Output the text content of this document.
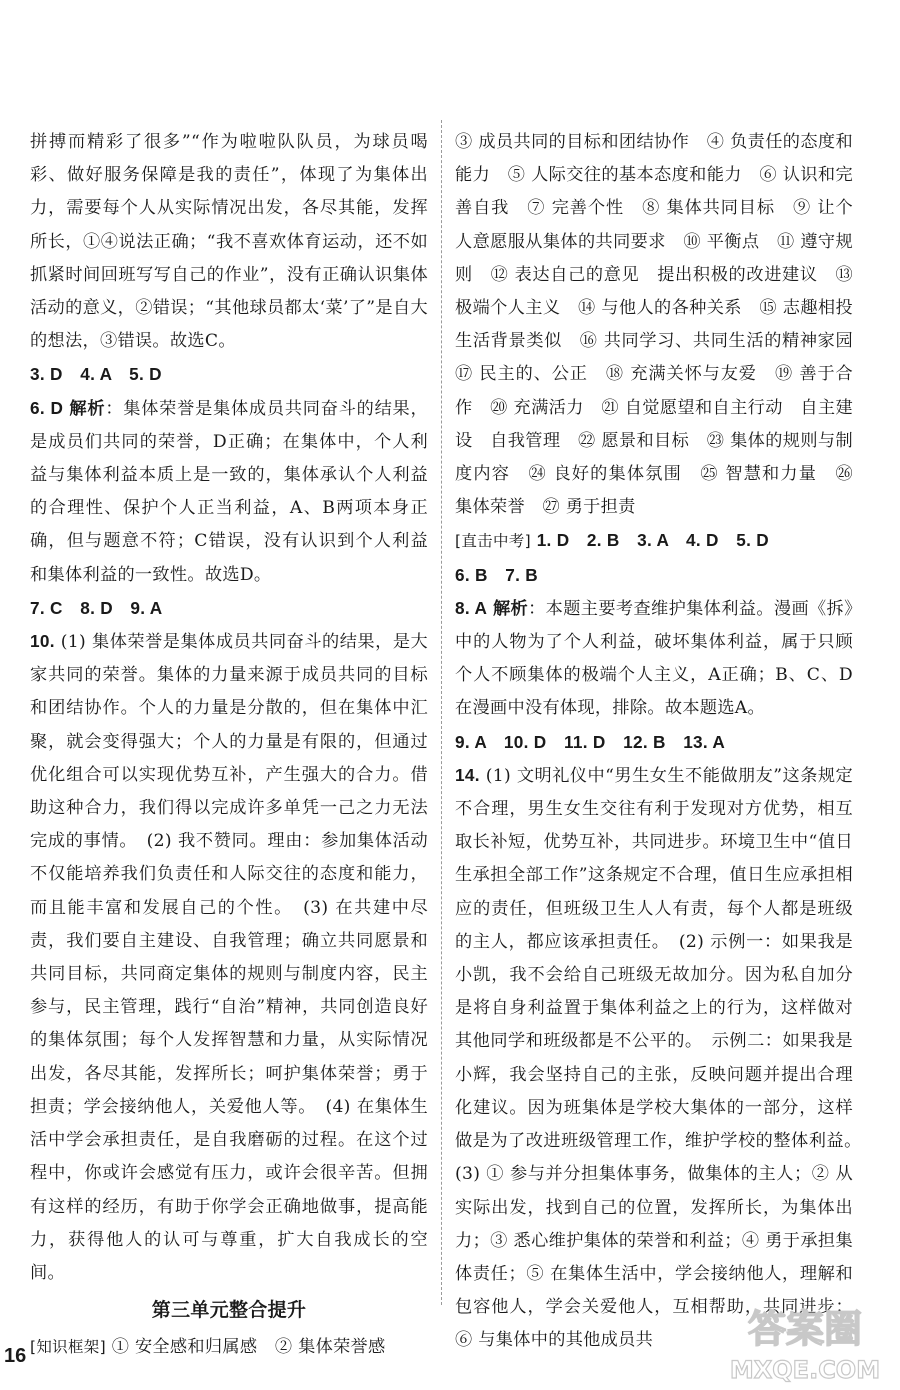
拼搏而精彩了很多”“作为啦啦队队员，为球员喝彩、做好服务保障是我的责任”，体现了为集体出力，需要每个人从实际情况出发，各尽其能，发挥所长，①④说法正确；“我不喜欢体育运动，还不如抓紧时间回班写写自己的作业”，没有正确认识集体活动的意义，②错误；“其他球员都太‘菜’了”是自大的想法，③错误。故选C。

3. D　4. A　5. D

6. D 解析：集体荣誉是集体成员共同奋斗的结果，是成员们共同的荣誉，D正确；在集体中，个人利益与集体利益本质上是一致的，集体承认个人利益的合理性、保护个人正当利益，A、B两项本身正确，但与题意不符；C错误，没有认识到个人利益和集体利益的一致性。故选D。

7. C　8. D　9. A

10. (1) 集体荣誉是集体成员共同奋斗的结果，是大家共同的荣誉。集体的力量来源于成员共同的目标和团结协作。个人的力量是分散的，但在集体中汇聚，就会变得强大；个人的力量是有限的，但通过优化组合可以实现优势互补，产生强大的合力。借助这种合力，我们得以完成许多单凭一己之力无法完成的事情。　(2) 我不赞同。理由：参加集体活动不仅能培养我们负责任和人际交往的态度和能力，而且能丰富和发展自己的个性。　(3) 在共建中尽责，我们要自主建设、自我管理；确立共同愿景和共同目标，共同商定集体的规则与制度内容，民主参与，民主管理，践行“自治”精神，共同创造良好的集体氛围；每个人发挥智慧和力量，从实际情况出发，各尽其能，发挥所长；呵护集体荣誉；勇于担责；学会接纳他人，关爱他人等。　(4) 在集体生活中学会承担责任，是自我磨砺的过程。在这个过程中，你或许会感觉有压力，或许会很辛苦。但拥有这样的经历，有助于你学会正确地做事，提高能力，获得他人的认可与尊重，扩大自我成长的空间。

第三单元整合提升

[知识框架] ① 安全感和归属感　② 集体荣誉感

③ 成员共同的目标和团结协作　④ 负责任的态度和能力　⑤ 人际交往的基本态度和能力　⑥ 认识和完善自我　⑦ 完善个性　⑧ 集体共同目标　⑨ 让个人意愿服从集体的共同要求　⑩ 平衡点　⑪ 遵守规则　⑫ 表达自己的意见　提出积极的改进建议　⑬ 极端个人主义　⑭ 与他人的各种关系　⑮ 志趣相投　生活背景类似　⑯ 共同学习、共同生活的精神家园　⑰ 民主的、公正　⑱ 充满关怀与友爱　⑲ 善于合作　⑳ 充满活力　㉑ 自觉愿望和自主行动　自主建设　自我管理　㉒ 愿景和目标　㉓ 集体的规则与制度内容　㉔ 良好的集体氛围　㉕ 智慧和力量　㉖ 集体荣誉　㉗ 勇于担责

[直击中考] 1. D　2. B　3. A　4. D　5. D

6. B　7. B

8. A 解析：本题主要考查维护集体利益。漫画《拆》中的人物为了个人利益，破坏集体利益，属于只顾个人不顾集体的极端个人主义，A正确；B、C、D在漫画中没有体现，排除。故本题选A。

9. A　10. D　11. D　12. B　13. A

14. (1) 文明礼仪中“男生女生不能做朋友”这条规定不合理，男生女生交往有利于发现对方优势，相互取长补短，优势互补，共同进步。环境卫生中“值日生承担全部工作”这条规定不合理，值日生应承担相应的责任，但班级卫生人人有责，每个人都是班级的主人，都应该承担责任。　(2) 示例一：如果我是小凯，我不会给自己班级无故加分。因为私自加分是将自身利益置于集体利益之上的行为，这样做对其他同学和班级都是不公平的。　示例二：如果我是小辉，我会坚持自己的主张，反映问题并提出合理化建议。因为班集体是学校大集体的一部分，这样做是为了改进班级管理工作，维护学校的整体利益。　(3) ① 参与并分担集体事务，做集体的主人；② 从实际出发，找到自己的位置，发挥所长，为集体出力；③ 悉心维护集体的荣誉和利益；④ 勇于承担集体责任；⑤ 在集体生活中，学会接纳他人，理解和包容他人，学会关爱他人，互相帮助，共同进步；⑥ 与集体中的其他成员共

16
答案圈
MXQE.COM
